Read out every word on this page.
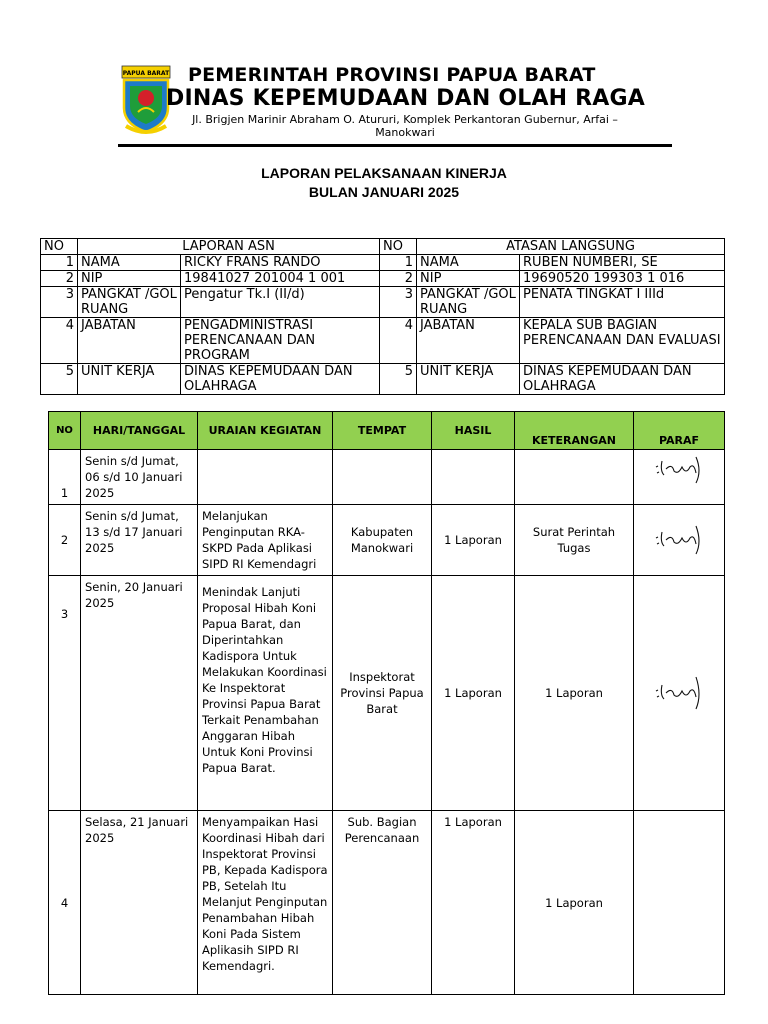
PAPUA BARAT PEMERINTAH PROVINSI PAPUA BARAT
DINAS KEPEMUDAAN DAN OLAH RAGA
Jl. Brigjen Marinir Abraham O. Atururi, Komplek Perkantoran Gubernur, Arfai – Manokwari
LAPORAN PELAKSANAAN KINERJA
BULAN JANUARI 2025
NO	LAPORAN ASN		NO	ATASAN LANGSUNG	
1	NAMA	RICKY FRANS RANDO	1	NAMA	RUBEN NUMBERI, SE
2	NIP	19841027 201004 1 001	2	NIP	19690520 199303 1 016
3	PANGKAT /GOL RUANG	Pengatur Tk.I (II/d)	3	PANGKAT /GOL RUANG	PENATA TINGKAT I IIId
4	JABATAN	PENGADMINISTRASI PERENCANAAN DAN PROGRAM	4	JABATAN	KEPALA SUB BAGIAN PERENCANAAN DAN EVALUASI
5	UNIT KERJA	DINAS KEPEMUDAAN DAN OLAHRAGA	5	UNIT KERJA	DINAS KEPEMUDAAN DAN OLAHRAGA
NO	HARI/TANGGAL	URAIAN KEGIATAN	TEMPAT	HASIL	KETERANGAN	PARAF
1	Senin s/d Jumat, 06 s/d 10 Januari 2025					

2	Senin s/d Jumat, 13 s/d 17 Januari 2025	Melanjukan Penginputan RKA-SKPD Pada Aplikasi SIPD RI Kemendagri	Kabupaten Manokwari	1 Laporan	Surat Perintah Tugas	

3	Senin, 20 Januari 2025	Menindak Lanjuti Proposal Hibah Koni Papua Barat, dan Diperintahkan Kadispora Untuk Melakukan Koordinasi Ke Inspektorat Provinsi Papua Barat Terkait Penambahan Anggaran Hibah Untuk Koni Provinsi Papua Barat.	Inspektorat Provinsi Papua Barat	1 Laporan	1 Laporan	

4	Selasa, 21 Januari 2025	Menyampaikan Hasi Koordinasi Hibah dari Inspektorat Provinsi PB, Kepada Kadispora PB, Setelah Itu Melanjut Penginputan Penambahan Hibah Koni Pada Sistem Aplikasih SIPD RI Kemendagri.	Sub. Bagian Perencanaan	1 Laporan	1 Laporan	
